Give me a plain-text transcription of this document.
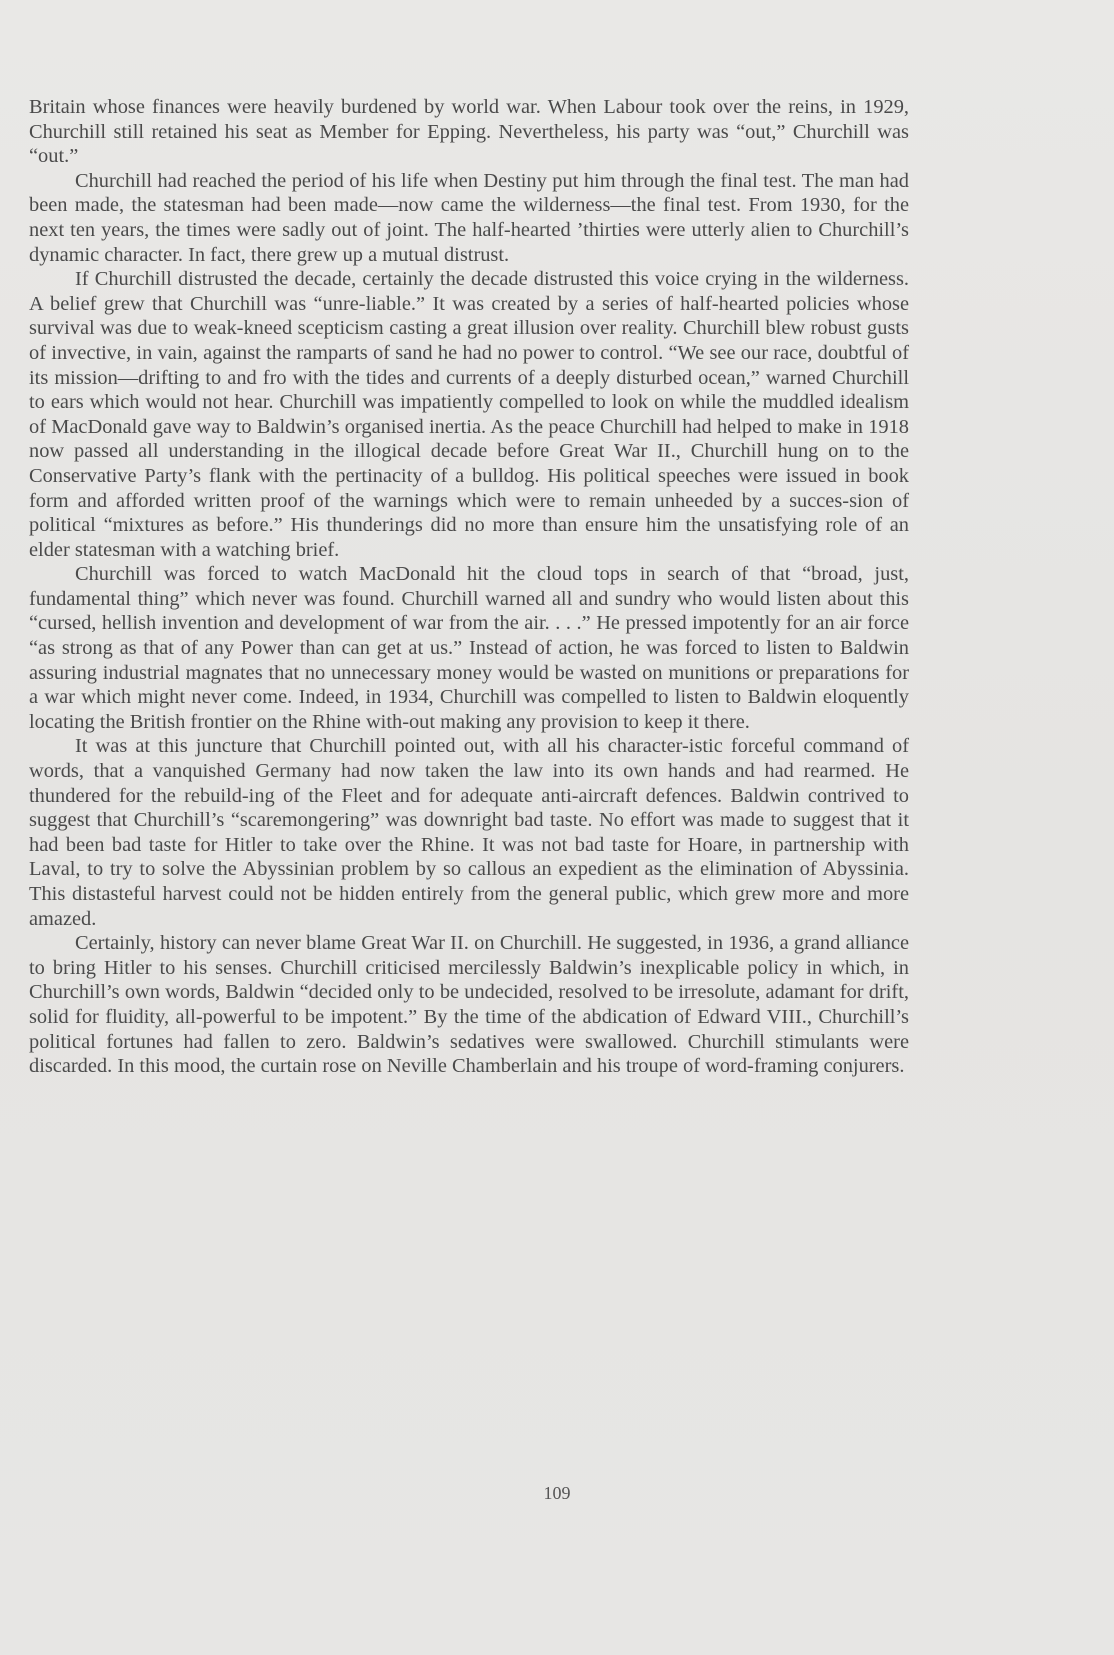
Britain whose finances were heavily burdened by world war. When Labour took over the reins, in 1929, Churchill still retained his seat as Member for Epping. Nevertheless, his party was “out,” Churchill was “out.”

Churchill had reached the period of his life when Destiny put him through the final test. The man had been made, the statesman had been made—now came the wilderness—the final test. From 1930, for the next ten years, the times were sadly out of joint. The half-hearted ’thirties were utterly alien to Churchill’s dynamic character. In fact, there grew up a mutual distrust.

If Churchill distrusted the decade, certainly the decade distrusted this voice crying in the wilderness. A belief grew that Churchill was “unre-liable.” It was created by a series of half-hearted policies whose survival was due to weak-kneed scepticism casting a great illusion over reality. Churchill blew robust gusts of invective, in vain, against the ramparts of sand he had no power to control. “We see our race, doubtful of its mission—drifting to and fro with the tides and currents of a deeply disturbed ocean,” warned Churchill to ears which would not hear. Churchill was impatiently compelled to look on while the muddled idealism of MacDonald gave way to Baldwin’s organised inertia. As the peace Churchill had helped to make in 1918 now passed all understanding in the illogical decade before Great War II., Churchill hung on to the Conservative Party’s flank with the pertinacity of a bulldog. His political speeches were issued in book form and afforded written proof of the warnings which were to remain unheeded by a succes-sion of political “mixtures as before.” His thunderings did no more than ensure him the unsatisfying role of an elder statesman with a watching brief.

Churchill was forced to watch MacDonald hit the cloud tops in search of that “broad, just, fundamental thing” which never was found. Churchill warned all and sundry who would listen about this “cursed, hellish invention and development of war from the air. . . .” He pressed impotently for an air force “as strong as that of any Power than can get at us.” Instead of action, he was forced to listen to Baldwin assuring industrial magnates that no unnecessary money would be wasted on munitions or preparations for a war which might never come. Indeed, in 1934, Churchill was compelled to listen to Baldwin eloquently locating the British frontier on the Rhine with-out making any provision to keep it there.

It was at this juncture that Churchill pointed out, with all his character-istic forceful command of words, that a vanquished Germany had now taken the law into its own hands and had rearmed. He thundered for the rebuild-ing of the Fleet and for adequate anti-aircraft defences. Baldwin contrived to suggest that Churchill’s “scaremongering” was downright bad taste. No effort was made to suggest that it had been bad taste for Hitler to take over the Rhine. It was not bad taste for Hoare, in partnership with Laval, to try to solve the Abyssinian problem by so callous an expedient as the elimination of Abyssinia. This distasteful harvest could not be hidden entirely from the general public, which grew more and more amazed.

Certainly, history can never blame Great War II. on Churchill. He suggested, in 1936, a grand alliance to bring Hitler to his senses. Churchill criticised mercilessly Baldwin’s inexplicable policy in which, in Churchill’s own words, Baldwin “decided only to be undecided, resolved to be irresolute, adamant for drift, solid for fluidity, all-powerful to be impotent.” By the time of the abdication of Edward VIII., Churchill’s political fortunes had fallen to zero. Baldwin’s sedatives were swallowed. Churchill stimulants were discarded. In this mood, the curtain rose on Neville Chamberlain and his troupe of word-framing conjurers.

109
